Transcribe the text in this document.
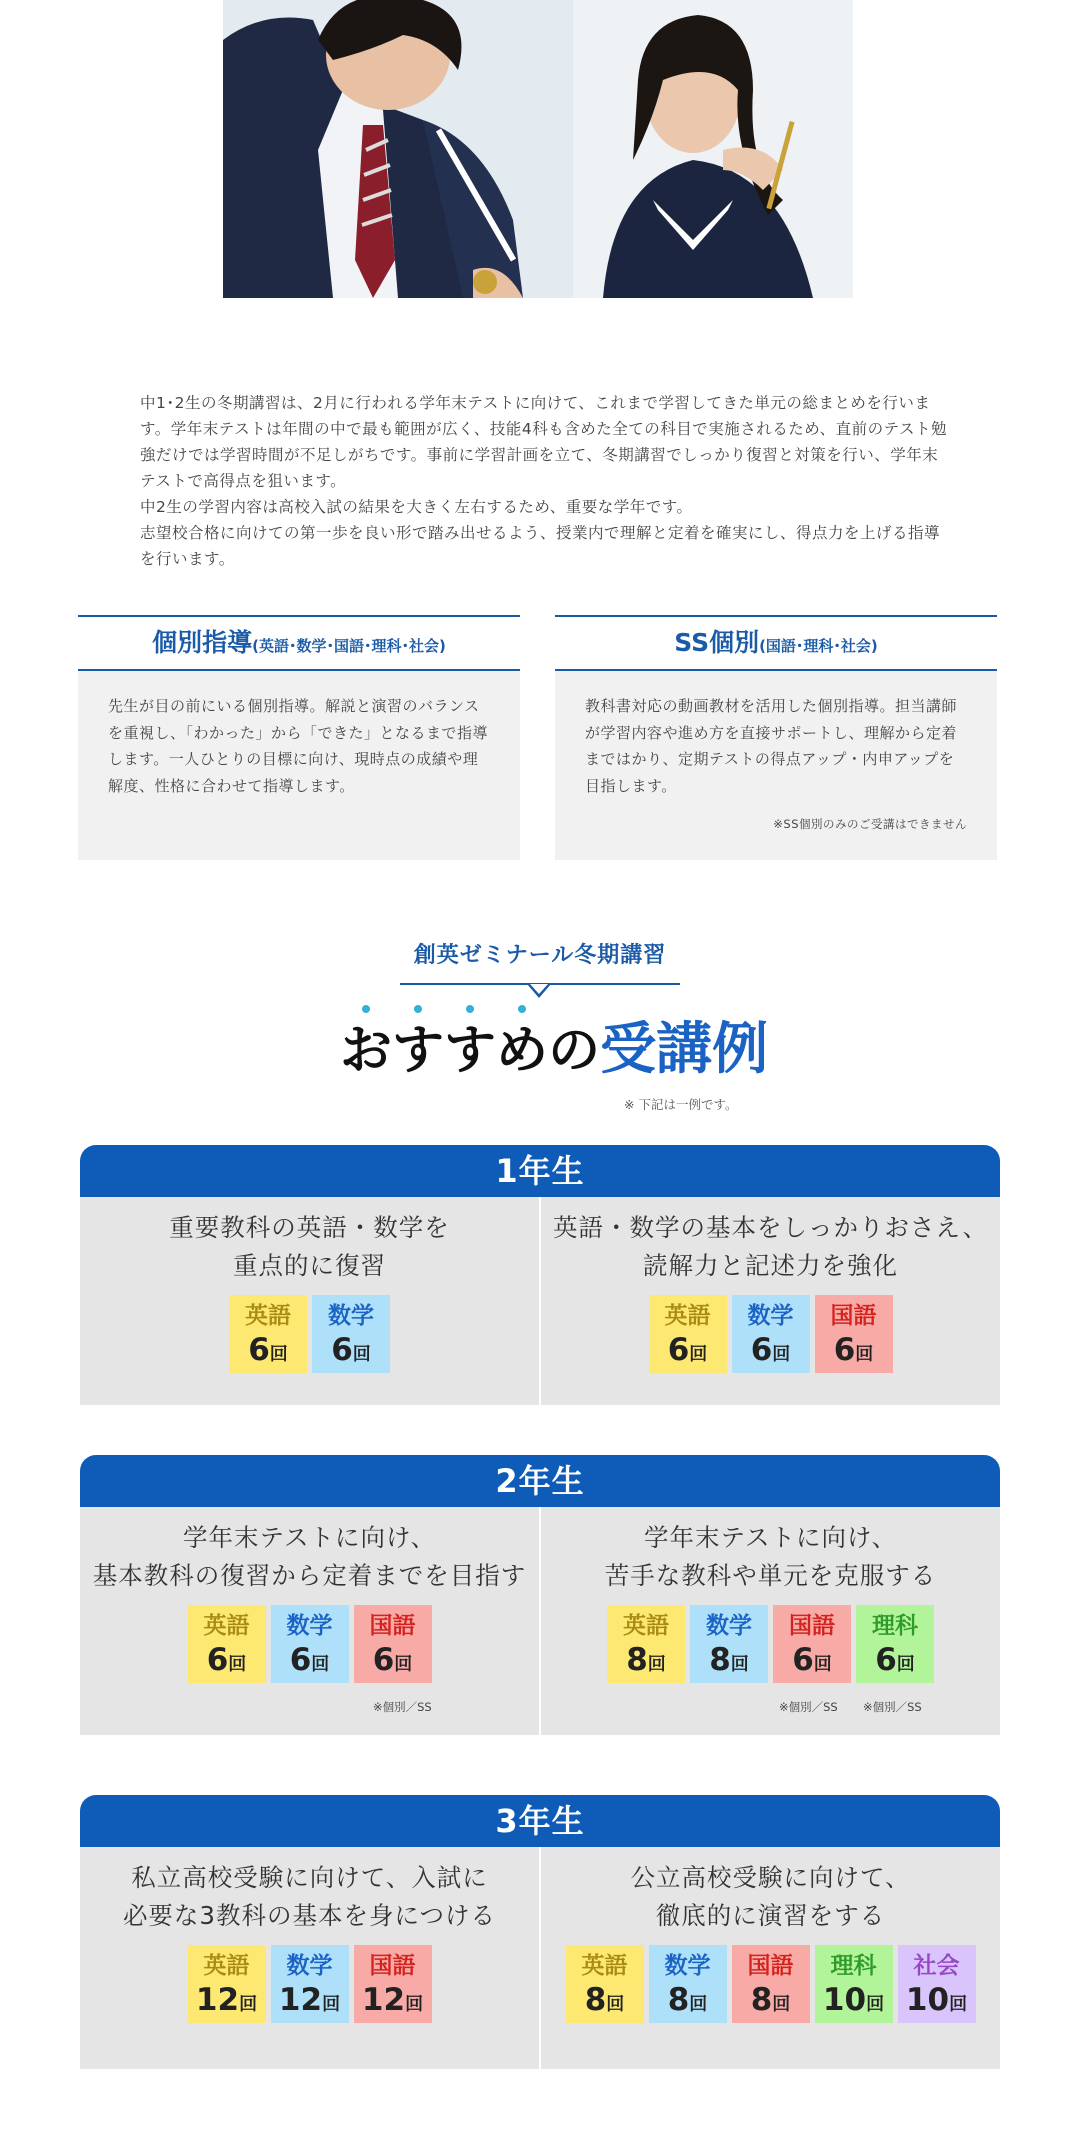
中1･2生の冬期講習は、2月に行われる学年末テストに向けて、これまで学習してきた単元の総まとめを行います。学年末テストは年間の中で最も範囲が広く、技能4科も含めた全ての科目で実施されるため、直前のテスト勉強だけでは学習時間が不足しがちです。事前に学習計画を立て、冬期講習でしっかり復習と対策を行い、学年末テストで高得点を狙います。

中2生の学習内容は高校入試の結果を大きく左右するため、重要な学年です。

志望校合格に向けての第一歩を良い形で踏み出せるよう、授業内で理解と定着を確実にし、得点力を上げる指導を行います。

個別指導(英語･数学･国語･理科･社会)
先生が目の前にいる個別指導。解説と演習のバランスを重視し、「わかった」から「できた」となるまで指導します。一人ひとりの目標に向け、現時点の成績や理解度、性格に合わせて指導します。
SS個別(国語･理科･社会)
教科書対応の動画教材を活用した個別指導。担当講師が学習内容や進め方を直接サポートし、理解から定着まではかり、定期テストの得点アップ・内申アップを目指します。
※SS個別のみのご受講はできません
創英ゼミナール冬期講習
おすすめの受講例
※ 下記は一例です。
1年生
重要教科の英語・数学を
重点的に復習
英語
6回
数学
6回
英語・数学の基本をしっかりおさえ、
読解力と記述力を強化
英語
6回
数学
6回
国語
6回
2年生
学年末テストに向け、
基本教科の復習から定着までを目指す
英語
6回
数学
6回
国語
6回
※個別／SS
学年末テストに向け、
苦手な教科や単元を克服する
英語
8回
数学
8回
国語
6回
理科
6回
※個別／SS ※個別／SS
3年生
私立高校受験に向けて、入試に
必要な3教科の基本を身につける
英語
12回
数学
12回
国語
12回
公立高校受験に向けて、
徹底的に演習をする
英語
8回
数学
8回
国語
8回
理科
10回
社会
10回
